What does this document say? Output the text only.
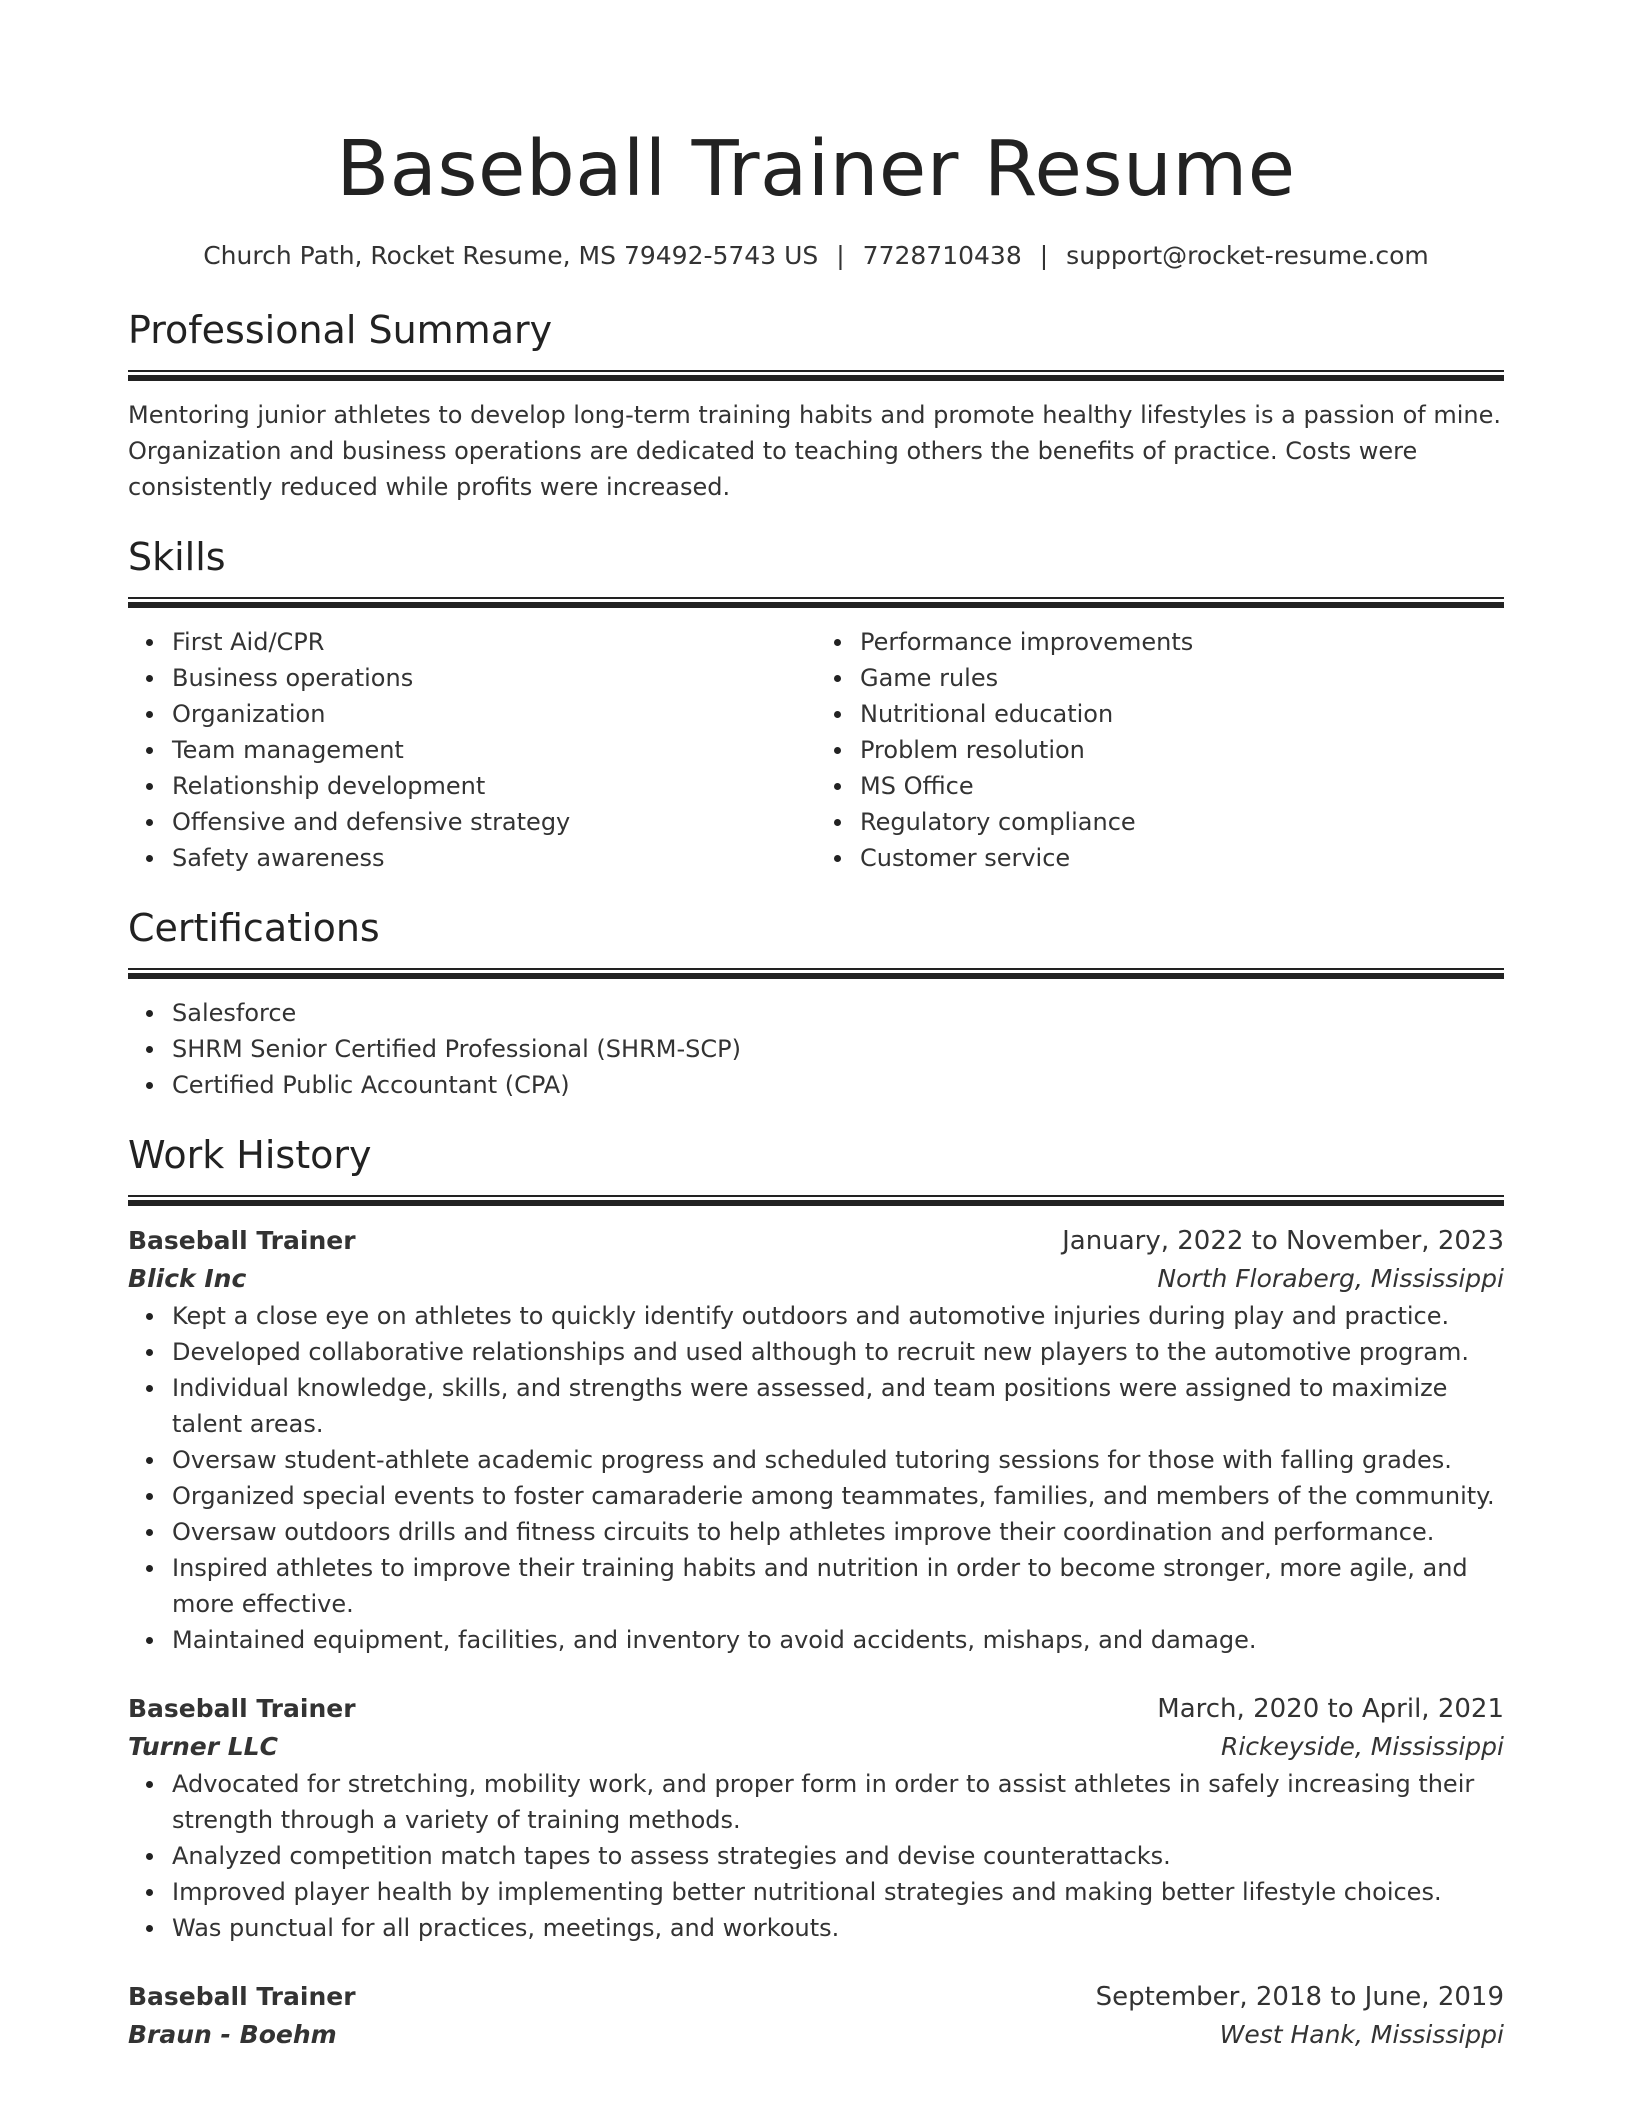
Baseball Trainer Resume
Church Path, Rocket Resume, MS 79492-5743 US | 7728710438 | support@rocket-resume.com
Professional Summary

Mentoring junior athletes to develop long-term training habits and promote healthy lifestyles is a passion of mine. Organization and business operations are dedicated to teaching others the benefits of practice. Costs were consistently reduced while profits were increased.

Skills
First Aid/CPR
Business operations
Organization
Team management
Relationship development
Offensive and defensive strategy
Safety awareness
Performance improvements
Game rules
Nutritional education
Problem resolution
MS Office
Regulatory compliance
Customer service
Certifications
Salesforce
SHRM Senior Certified Professional (SHRM-SCP)
Certified Public Accountant (CPA)
Work History
Baseball Trainer	January, 2022 to November, 2023
Blick Inc	North Floraberg, Mississippi
Kept a close eye on athletes to quickly identify outdoors and automotive injuries during play and practice.
Developed collaborative relationships and used although to recruit new players to the automotive program.
Individual knowledge, skills, and strengths were assessed, and team positions were assigned to maximize talent areas.
Oversaw student-athlete academic progress and scheduled tutoring sessions for those with falling grades.
Organized special events to foster camaraderie among teammates, families, and members of the community.
Oversaw outdoors drills and fitness circuits to help athletes improve their coordination and performance.
Inspired athletes to improve their training habits and nutrition in order to become stronger, more agile, and more effective.
Maintained equipment, facilities, and inventory to avoid accidents, mishaps, and damage.
Baseball Trainer	March, 2020 to April, 2021
Turner LLC	Rickeyside, Mississippi
Advocated for stretching, mobility work, and proper form in order to assist athletes in safely increasing their strength through a variety of training methods.
Analyzed competition match tapes to assess strategies and devise counterattacks.
Improved player health by implementing better nutritional strategies and making better lifestyle choices.
Was punctual for all practices, meetings, and workouts.
Baseball Trainer	September, 2018 to June, 2019
Braun - Boehm	West Hank, Mississippi
